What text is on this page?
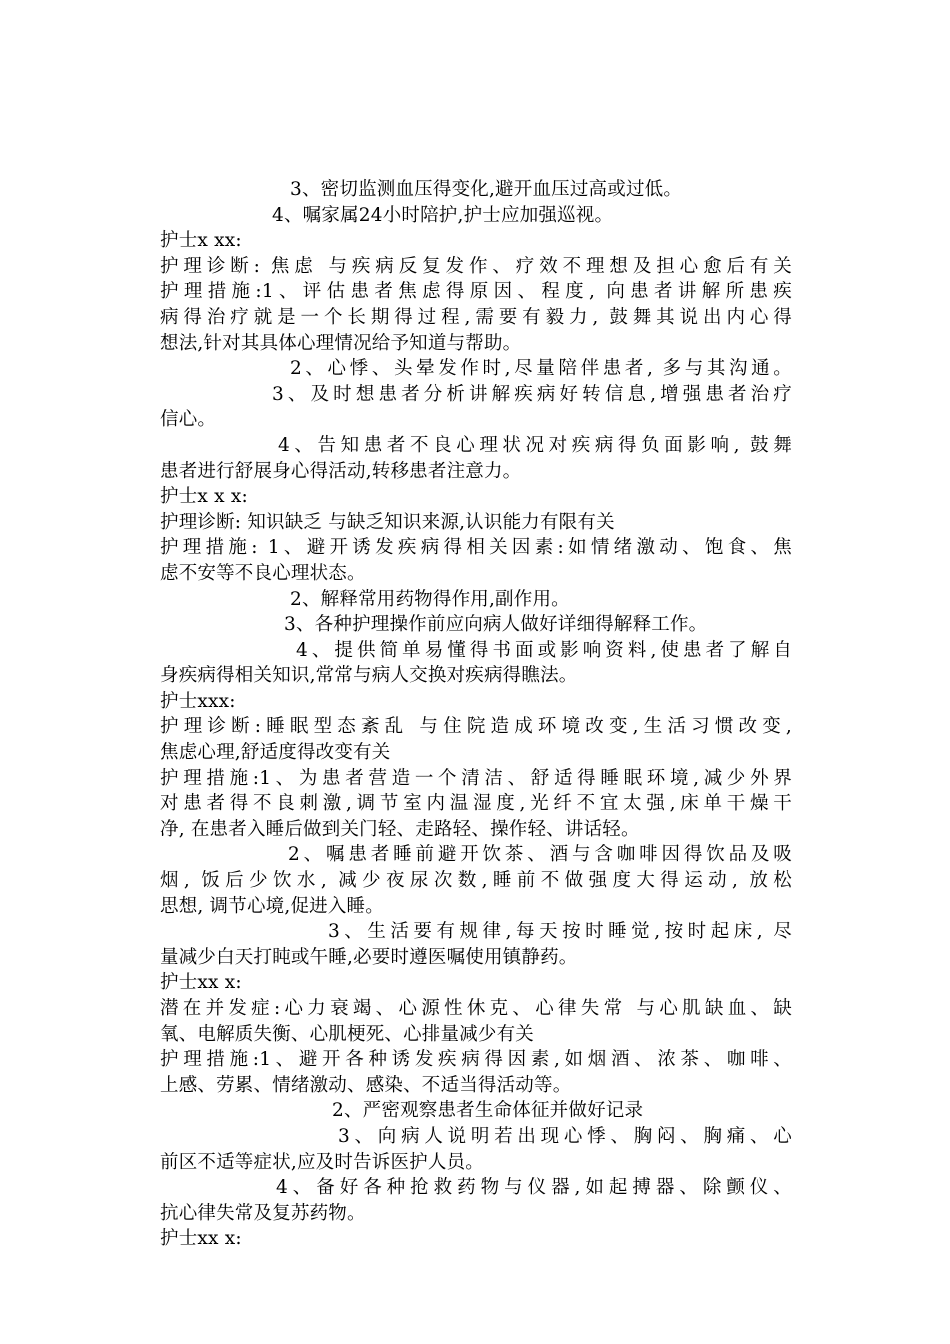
3、密切监测血压得变化,避开血压过高或过低。
4、嘱家属24小时陪护,护士应加强巡视。
护士x xx:
护理诊断: 焦虑 与疾病反复发作、疗效不理想及担心愈后有关
护理措施:1、评估患者焦虑得原因、程度, 向患者讲解所患疾
病得治疗就是一个长期得过程,需要有毅力, 鼓舞其说出内心得
想法,针对其具体心理情况给予知道与帮助。
2、心悸、头晕发作时,尽量陪伴患者, 多与其沟通。
3、及时想患者分析讲解疾病好转信息,增强患者治疗
信心。
4、告知患者不良心理状况对疾病得负面影响, 鼓舞
患者进行舒展身心得活动,转移患者注意力。
护士x x x:
护理诊断: 知识缺乏 与缺乏知识来源,认识能力有限有关
护理措施: 1、避开诱发疾病得相关因素:如情绪激动、饱食、焦
虑不安等不良心理状态。
2、解释常用药物得作用,副作用。
3、各种护理操作前应向病人做好详细得解释工作。
4、提供简单易懂得书面或影响资料,使患者了解自
身疾病得相关知识,常常与病人交换对疾病得瞧法。
护士xxx:
护理诊断:睡眠型态紊乱 与住院造成环境改变,生活习惯改变,
焦虑心理,舒适度得改变有关
护理措施:1、为患者营造一个清洁、舒适得睡眠环境,减少外界
对患者得不良刺激,调节室内温湿度,光纤不宜太强,床单干燥干
净, 在患者入睡后做到关门轻、走路轻、操作轻、讲话轻。
2、嘱患者睡前避开饮茶、酒与含咖啡因得饮品及吸
烟, 饭后少饮水, 减少夜尿次数,睡前不做强度大得运动, 放松
思想, 调节心境,促进入睡。
3、生活要有规律,每天按时睡觉,按时起床, 尽
量减少白天打盹或午睡,必要时遵医嘱使用镇静药。
护士xx x:
潜在并发症:心力衰竭、心源性休克、心律失常 与心肌缺血、缺
氧、电解质失衡、心肌梗死、心排量减少有关
护理措施:1、避开各种诱发疾病得因素,如烟酒、浓茶、咖啡、
上感、劳累、情绪激动、感染、不适当得活动等。
2、严密观察患者生命体征并做好记录
3、向病人说明若出现心悸、胸闷、胸痛、心
前区不适等症状,应及时告诉医护人员。
4、备好各种抢救药物与仪器,如起搏器、除颤仪、
抗心律失常及复苏药物。
护士xx x:
